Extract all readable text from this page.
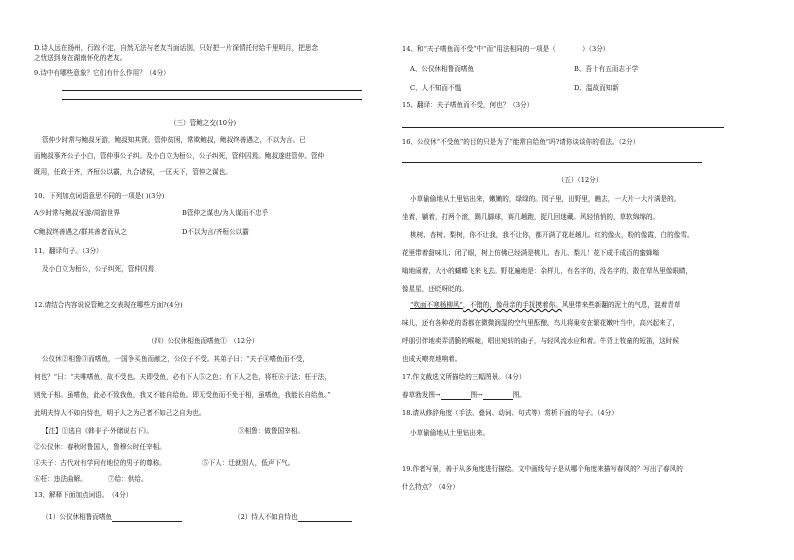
D.诗人远在扬州，行踪不定，自然无法与老友当面话别，只好把一片深情托付给千里明月，把思念
之忧送到身在湖南怀化的老友。
9.诗中有哪些意象？它们有什么作用？（4分）
（三）管鲍之交(10分)
管仲少时常与鲍叔牙游，鲍叔知其贤。管仲贫困，常欺鲍叔，鲍叔终善遇之，不以为言。已
而鲍叔事齐公子小白，管仲事公子纠。及小白立为桓公，公子纠死，管仲囚焉。鲍叔遂进管仲。管仲
既用，任政于齐，齐桓公以霸，九合诸侯，一匡天下，管仲之谋也。
10、下列加点词语意思不同的一项是( )(3分)
A少时常与鲍叔牙游/周游世界	B管仲之谋也/为人谋而不忠乎
C鲍叔终善遇之/群其善者而从之	D不以为言/齐桓公以霸
11、翻译句子。（3分）
及小白立为桓公，公子纠死，管仲囚焉
12.请结合内容说说管鲍之交表现在哪些方面?(4分)
（四）公仪休相鱼而嗜鱼①　（12分）
公仪休②相鲁③而嗜鱼，一国争买鱼而献之，公仪子不受。其弟子曰：“夫子④嗜鱼而不受，
何也？”曰：“夫唯嗜鱼，故不受也。夫即受鱼，必有下人⑤之色；有下人之色，将枉⑥于法；枉于法，
则免于相。虽嗜鱼，此必不致我鱼，我又不能自给鱼。即无受鱼而不免于相，虽嗜鱼，我能长自给鱼。”
此明夫恃人不如自恃也，明于人之为己者不如己之自为也。
【注】①选自《韩非子·外储说右下》。	③相鲁：做鲁国宰相。
②公仪休：春秋时鲁国人，鲁穆公时任宰相。
④夫子：古代对有学问有地位的男子的尊称。	⑤下人：迁就别人，低声下气。
⑥枉：违法曲解。	⑦给：供给。
13、解释下面加点词语。　（4分）
（1）公仪休相鲁而嗜鱼	（2）恃人不如自恃也
14、和“夫子嗜鱼而不受”中“而”用法相同的一项是（　　　　）（3分）
A、公仪休相鲁而嗜鱼	B、吾十有五而志于学
C、人不知而不愠	D、温故而知新
15、翻译：夫子嗜鱼而不受，何也？（3分）
16、公仪休“不受鱼”的目的只是为了“能常自给鱼”吗?请你谈谈你的看法。（2分）
（五）（12分）
小草偷偷地从土里钻出来，嫩嫩的，绿绿的。园子里，田野里，瞧去，一大片一大片满是的。
坐着，躺着，打两个滚，踢几脚球，赛几趟跑，捉几回迷藏。风轻悄悄的，草软绵绵的。
桃树、杏树、梨树，你不让我，我不让你，都开满了花赶趟儿。红的像火，粉的像霞，白的像雪。
花里带着甜味儿；闭了眼，树上仿佛已经满是桃儿、杏儿、梨儿！花下成千成百的蜜蜂嗡
嗡地闹着，大小的蝴蝶飞来飞去。野花遍地是：杂样儿，有名字的，没名字的，散在草丛里像眼睛，
像星星，还眨呀眨的。
“吹面不寒杨柳风”，不错的，像母亲的手抚摸着你。风里带来些新翻的泥土的气息，混着青草
味儿，还有各种花的香都在微微润湿的空气里酝酿。鸟儿将巢安在繁花嫩叶当中，高兴起来了，
呼朋引伴地卖弄清脆的喉咙，唱出宛转的曲子，与轻风流水应和着。牛背上牧童的短笛，这时候
也成天嘹亮地响着。
17.作文截选文所描绘的三幅图景。（4分）
春草勃发图→	图→	图。
18.请从修辞角度（手法、叠词、动词、句式等）赏析下面的句子。（4分）
小草偷偷地从土里钻出来。
19.作者写景，善于从多角度进行描绘。文中画线句子是从哪个角度来描写春风的？写出了春风的
什么特点？（4分）
